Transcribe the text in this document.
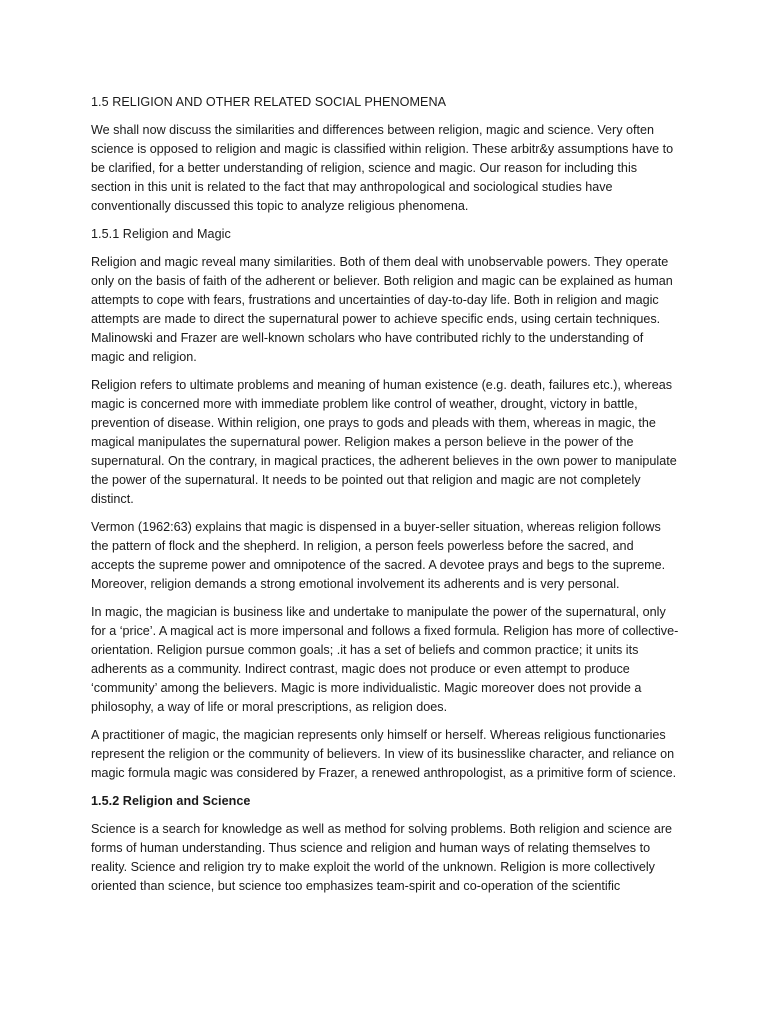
1.5 RELIGION AND OTHER RELATED SOCIAL PHENOMENA

We shall now discuss the similarities and differences between religion, magic and science. Very often science is opposed to religion and magic is classified within religion. These arbitr&y assumptions have to be clarified, for a better understanding of religion, science and magic. Our reason for including this section in this unit is related to the fact that may anthropological and sociological studies have conventionally discussed this topic to analyze religious phenomena.

1.5.1 Religion and Magic

Religion and magic reveal many similarities. Both of them deal with unobservable powers. They operate only on the basis of faith of the adherent or believer. Both religion and magic can be explained as human attempts to cope with fears, frustrations and uncertainties of day-to-day life. Both in religion and magic attempts are made to direct the supernatural power to achieve specific ends, using certain techniques. Malinowski and Frazer are well-known scholars who have contributed richly to the understanding of magic and religion.

Religion refers to ultimate problems and meaning of human existence (e.g. death, failures etc.), whereas magic is concerned more with immediate problem like control of weather, drought, victory in battle, prevention of disease. Within religion, one prays to gods and pleads with them, whereas in magic, the magical manipulates the supernatural power. Religion makes a person believe in the power of the supernatural. On the contrary, in magical practices, the adherent believes in the own power to manipulate the power of the supernatural. It needs to be pointed out that religion and magic are not completely distinct.

Vermon (1962:63) explains that magic is dispensed in a buyer-seller situation, whereas religion follows the pattern of flock and the shepherd. In religion, a person feels powerless before the sacred, and accepts the supreme power and omnipotence of the sacred. A devotee prays and begs to the supreme. Moreover, religion demands a strong emotional involvement its adherents and is very personal.

In magic, the magician is business like and undertake to manipulate the power of the supernatural, only for a ‘price’. A magical act is more impersonal and follows a fixed formula. Religion has more of collective-orientation. Religion pursue common goals; .it has a set of beliefs and common practice; it units its adherents as a community. Indirect contrast, magic does not produce or even attempt to produce ‘community’ among the believers. Magic is more individualistic. Magic moreover does not provide a philosophy, a way of life or moral prescriptions, as religion does.

A practitioner of magic, the magician represents only himself or herself. Whereas religious functionaries represent the religion or the community of believers. In view of its businesslike character, and reliance on magic formula magic was considered by Frazer, a renewed anthropologist, as a primitive form of science.

1.5.2 Religion and Science

Science is a search for knowledge as well as method for solving problems. Both religion and science are forms of human understanding. Thus science and religion and human ways of relating themselves to reality. Science and religion try to make exploit the world of the unknown. Religion is more collectively oriented than science, but science too emphasizes team-spirit and co-operation of the scientific
